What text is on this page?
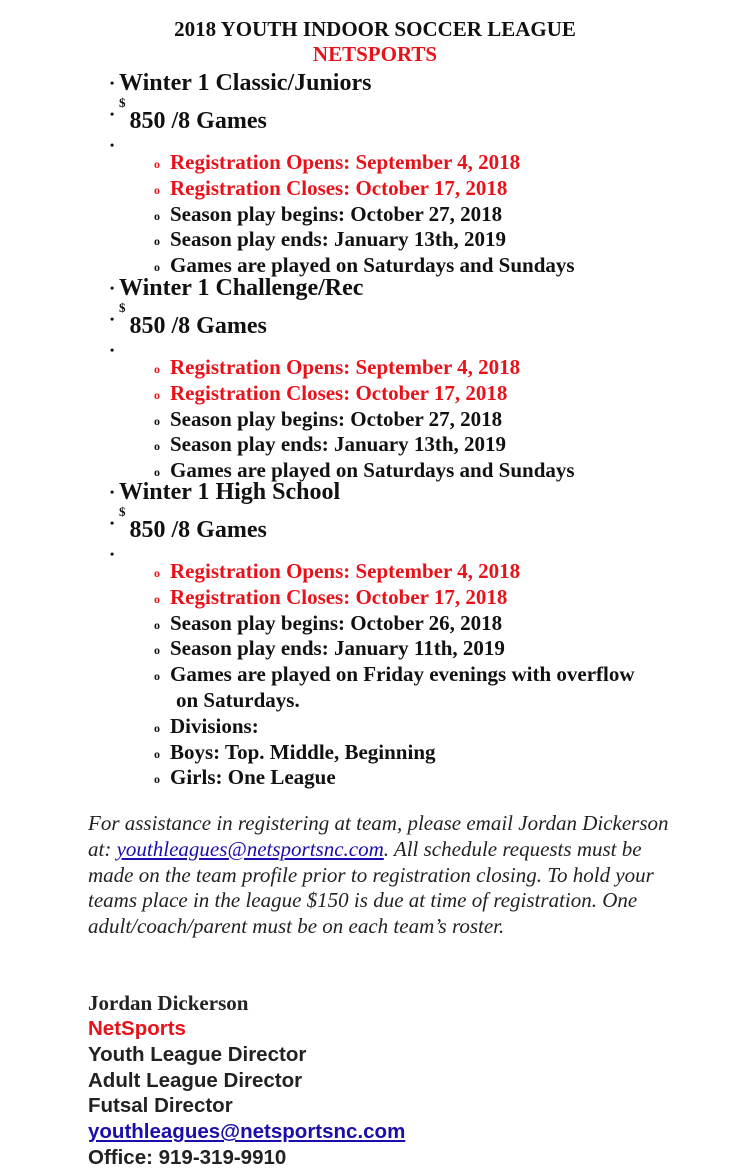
2018 YOUTH INDOOR SOCCER LEAGUE
NETSPORTS
• Winter 1 Classic/Juniors
•
$850 /8 Games
•
o Registration Opens: September 4, 2018
o Registration Closes: October 17, 2018
o Season play begins: October 27, 2018
o Season play ends: January 13th, 2019
o Games are played on Saturdays and Sundays
• Winter 1 Challenge/Rec
•
$850 /8 Games
•
o Registration Opens: September 4, 2018
o Registration Closes: October 17, 2018
o Season play begins: October 27, 2018
o Season play ends: January 13th, 2019
o Games are played on Saturdays and Sundays
• Winter 1 High School
•
$850 /8 Games
•
o Registration Opens: September 4, 2018
o Registration Closes: October 17, 2018
o Season play begins: October 26, 2018
o Season play ends: January 11th, 2019
o Games are played on Friday evenings with overflow
on Saturdays.
o Divisions:
o Boys: Top. Middle, Beginning
o Girls: One League
For assistance in registering at team, please email Jordan Dickerson at: youthleagues@netsportsnc.com. All schedule requests must be made on the team profile prior to registration closing. To hold your teams place in the league $150 is due at time of registration. One adult/coach/parent must be on each team’s roster.
Jordan Dickerson
NetSports
Youth League Director
Adult League Director
Futsal Director
youthleagues@netsportsnc.com
Office: 919-319-9910
